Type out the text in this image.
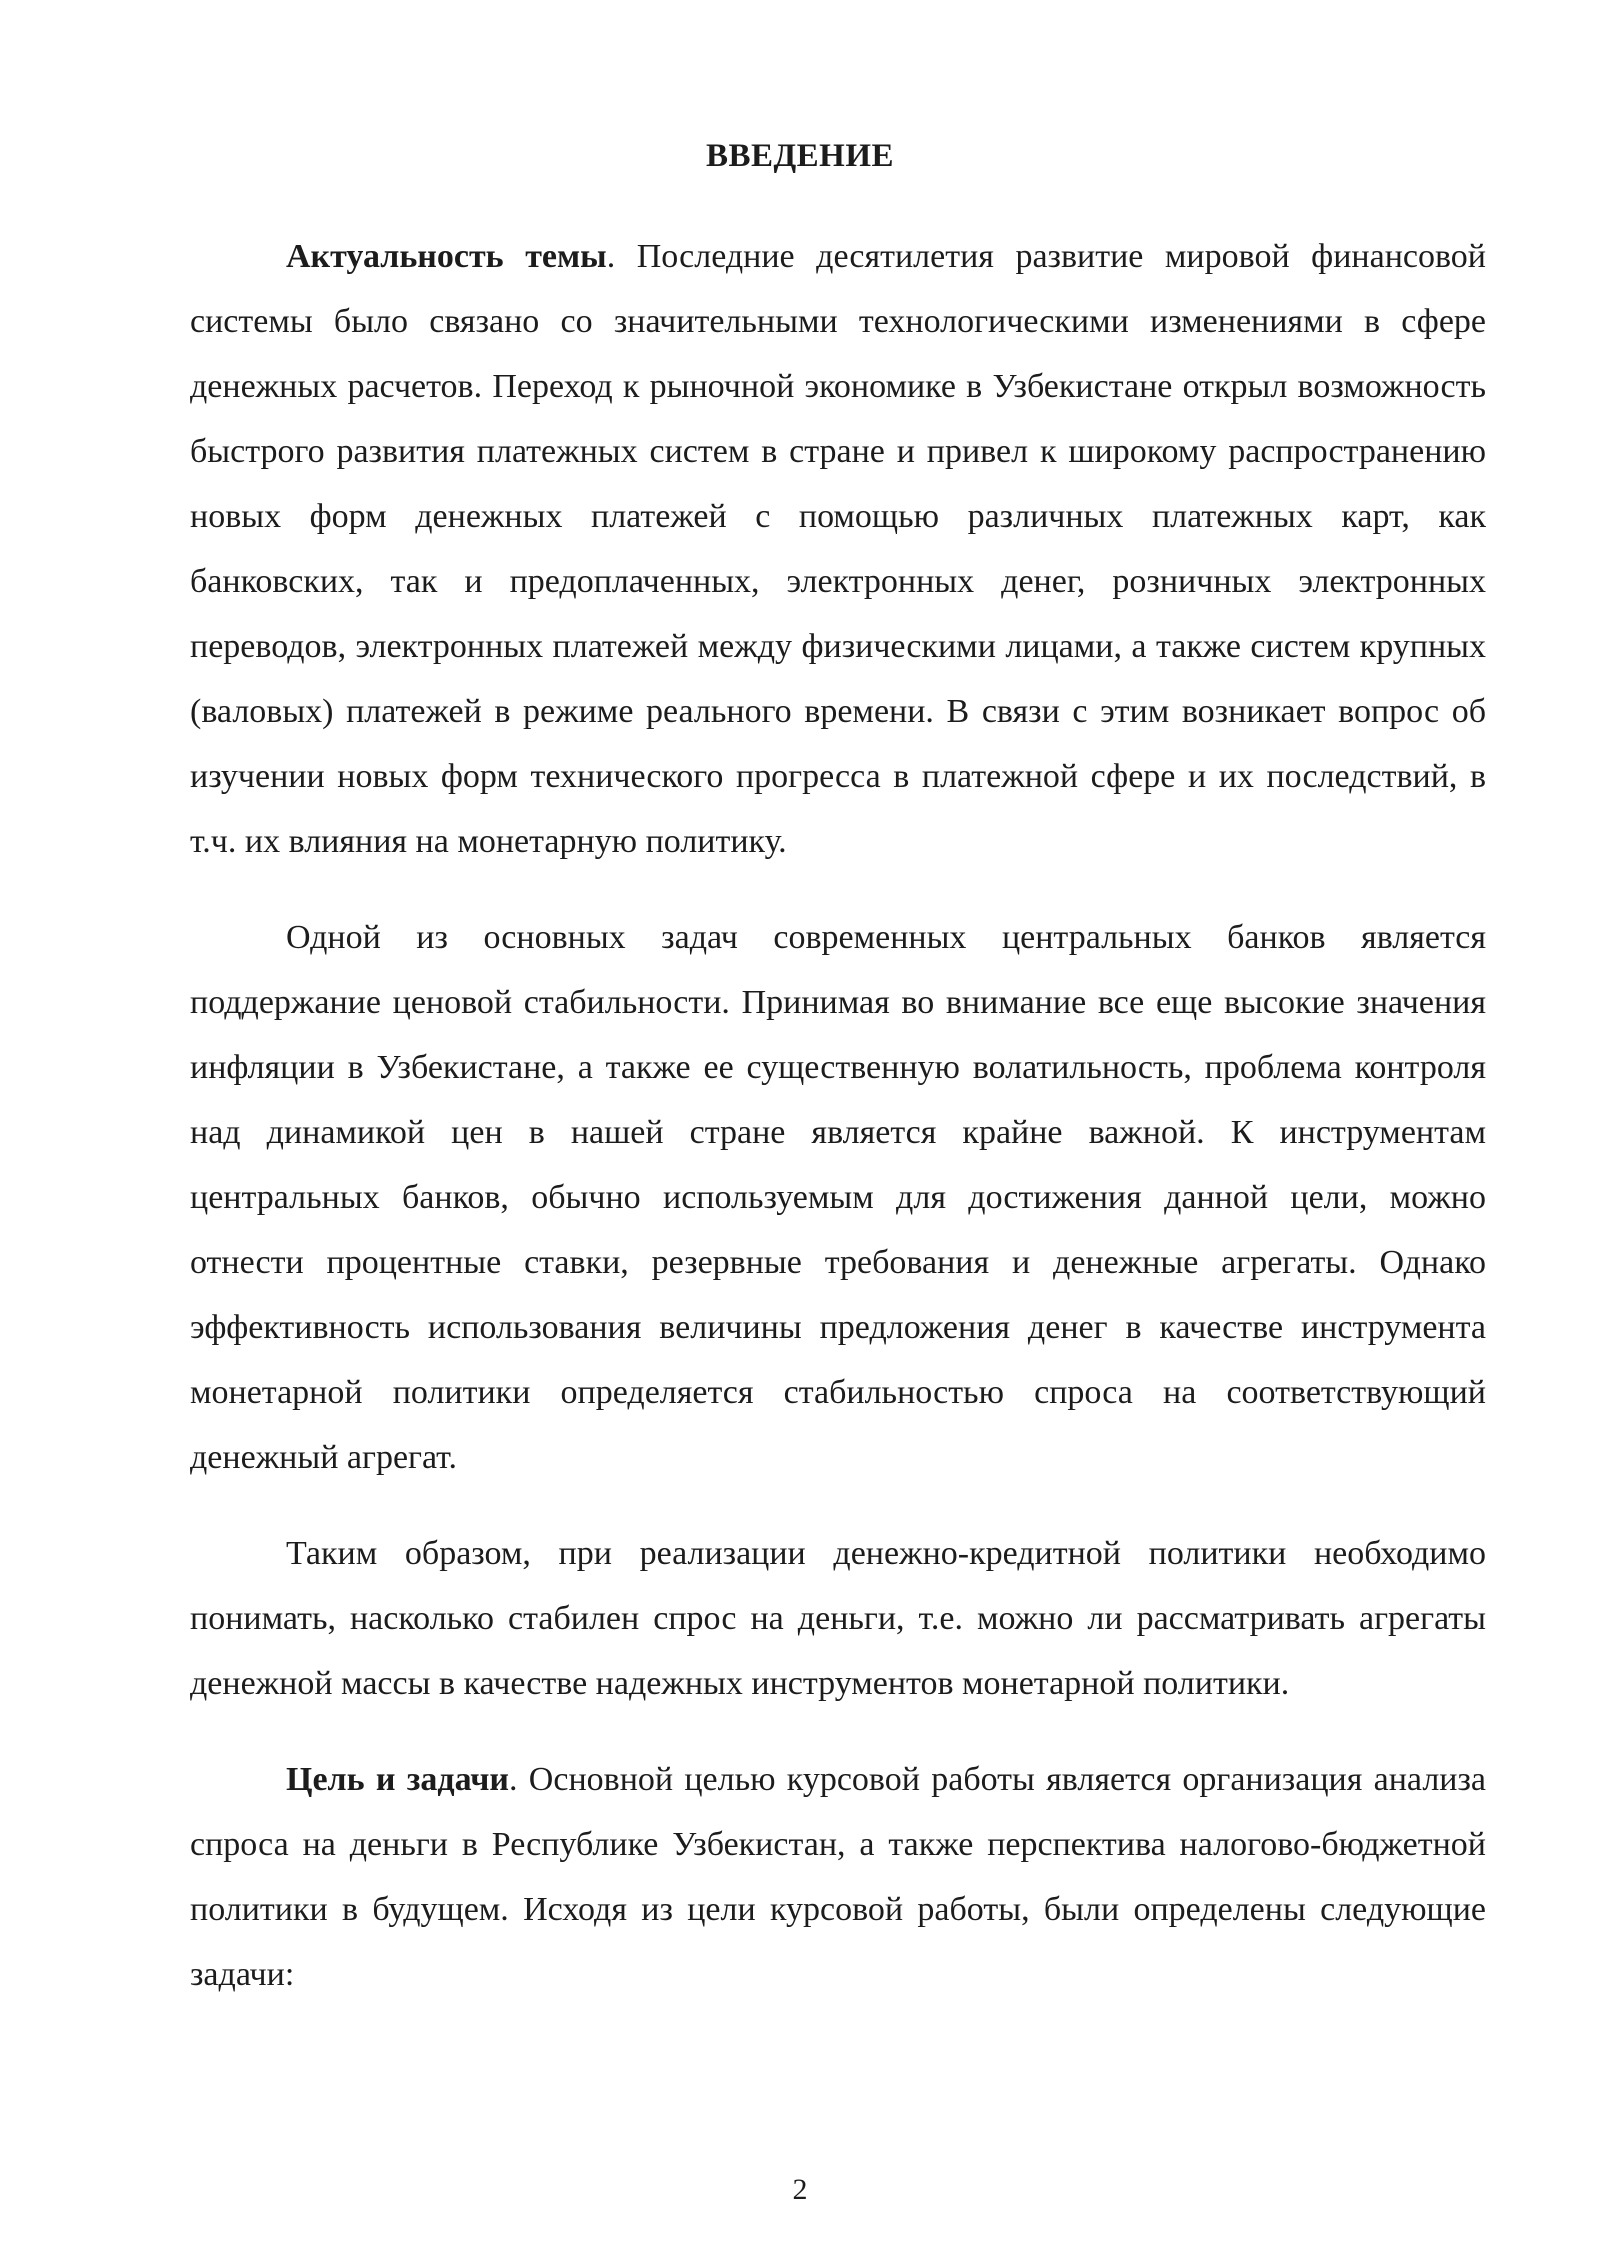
ВВЕДЕНИЕ

Актуальность темы. Последние десятилетия развитие мировой финансовой системы было связано со значительными технологическими изменениями в сфере денежных расчетов. Переход к рыночной экономике в Узбекистане открыл возможность быстрого развития платежных систем в стране и привел к широкому распространению новых форм денежных платежей с помощью различных платежных карт, как банковских, так и предоплаченных, электронных денег, розничных электронных переводов, электронных платежей между физическими лицами, а также систем крупных (валовых) платежей в режиме реального времени. В связи с этим возникает вопрос об изучении новых форм технического прогресса в платежной сфере и их последствий, в т.ч. их влияния на монетарную политику.

Одной из основных задач современных центральных банков является поддержание ценовой стабильности. Принимая во внимание все еще высокие значения инфляции в Узбекистане, а также ее существенную волатильность, проблема контроля над динамикой цен в нашей стране является крайне важной. К инструментам центральных банков, обычно используемым для достижения данной цели, можно отнести процентные ставки, резервные требования и денежные агрегаты. Однако эффективность использования величины предложения денег в качестве инструмента монетарной политики определяется стабильностью спроса на соответствующий денежный агрегат.

Таким образом, при реализации денежно-кредитной политики необходимо понимать, насколько стабилен спрос на деньги, т.е. можно ли рассматривать агрегаты денежной массы в качестве надежных инструментов монетарной политики.

Цель и задачи. Основной целью курсовой работы является организация анализа спроса на деньги в Республике Узбекистан, а также перспектива налогово-бюджетной политики в будущем. Исходя из цели курсовой работы, были определены следующие задачи:

2
